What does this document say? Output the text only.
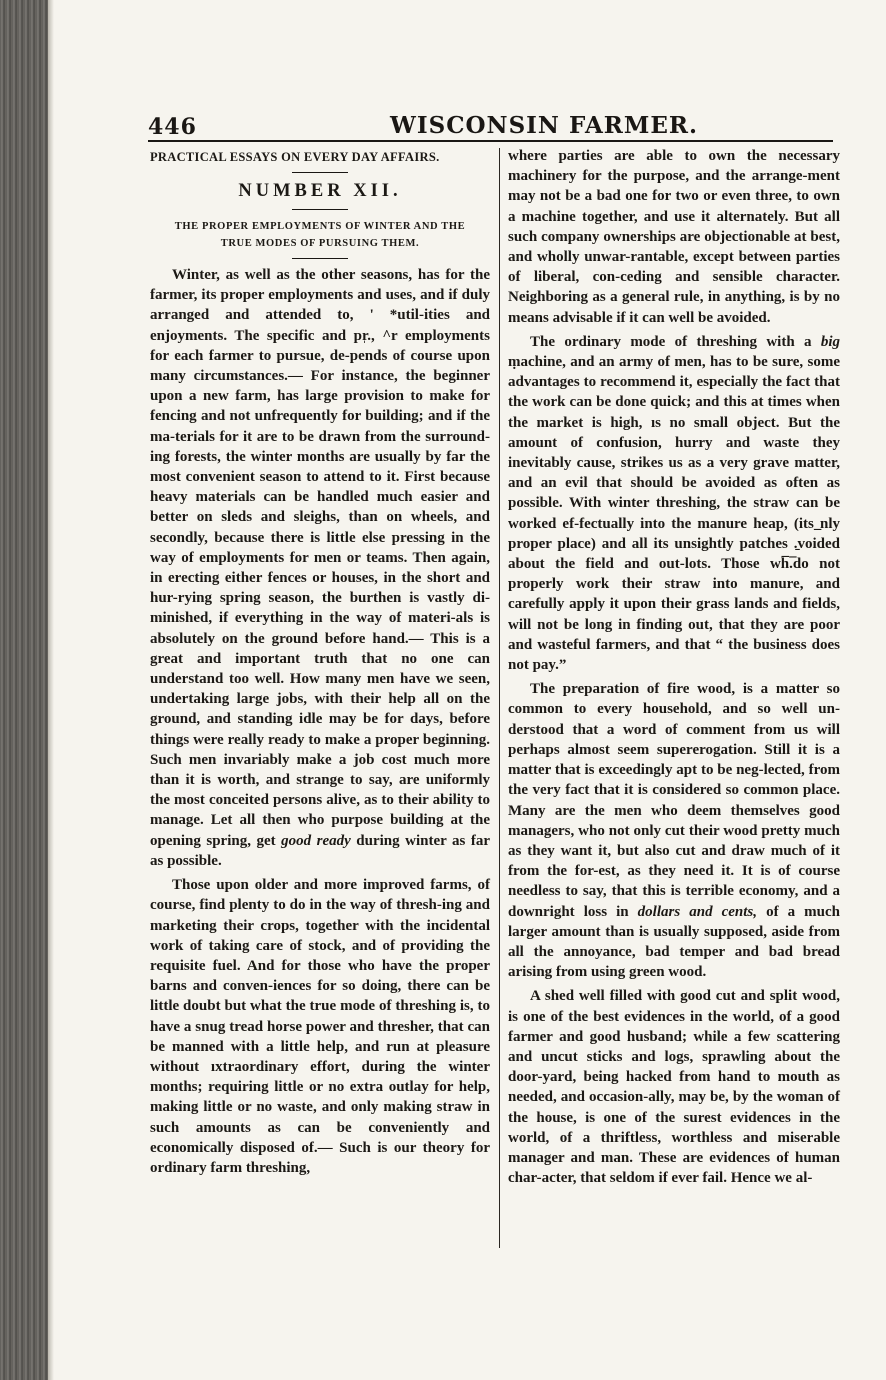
446	WISCONSIN FARMER.
PRACTICAL ESSAYS ON EVERY DAY AFFAIRS.
NUMBER XII.
THE PROPER EMPLOYMENTS OF WINTER AND THE
TRUE MODES OF PURSUING THEM.

Winter, as well as the other seasons, has for the farmer, its proper employments and uses, and if duly arranged and attended to, ' *util-ities and enjoyments. The specific and pr̩., ^r employments for each farmer to pursue, de-pends of course upon many circumstances.— For instance, the beginner upon a new farm, has large provision to make for fencing and not unfrequently for building; and if the ma-terials for it are to be drawn from the surround-ing forests, the winter months are usually by far the most convenient season to attend to it. First because heavy materials can be handled much easier and better on sleds and sleighs, than on wheels, and secondly, because there is little else pressing in the way of employments for men or teams. Then again, in erecting either fences or houses, in the short and hur-rying spring season, the burthen is vastly di-minished, if everything in the way of materi-als is absolutely on the ground before hand.— This is a great and important truth that no one can understand too well. How many men have we seen, undertaking large jobs, with their help all on the ground, and standing idle may be for days, before things were really ready to make a proper beginning. Such men invariably make a job cost much more than it is worth, and strange to say, are uniformly the most conceited persons alive, as to their ability to manage. Let all then who purpose building at the opening spring, get good ready during winter as far as possible.

Those upon older and more improved farms, of course, find plenty to do in the way of thresh-ing and marketing their crops, together with the incidental work of taking care of stock, and of providing the requisite fuel. And for those who have the proper barns and conven-iences for so doing, there can be little doubt but what the true mode of threshing is, to have a snug tread horse power and thresher, that can be manned with a little help, and run at pleasure without ıxtraordinary effort, during the winter months; requiring little or no extra outlay for help, making little or no waste, and only making straw in such amounts as can be conveniently and economically disposed of.— Such is our theory for ordinary farm threshing,

where parties are able to own the necessary machinery for the purpose, and the arrange-ment may not be a bad one for two or even three, to own a machine together, and use it alternately. But all such company ownerships are objectionable at best, and wholly unwar-rantable, except between parties of liberal, con-ceding and sensible character. Neighboring as a general rule, in anything, is by no means advisable if it can well be avoided.

The ordinary mode of threshing with a big ṃachine, and an army of men, has to be sure, some advantages to recommend it, especially the fact that the work can be done quick; and this at times when the market is high, ıs no small object. But the amount of confusion, hurry and waste they inevitably cause, strikes us as a very grave matter, and an evil that should be avoided as often as possible. With winter threshing, the straw can be worked ef-fectually into the manure heap, (its ̲nly proper place) and all its unsightly patches .̱voided about the field and out-lots. Those wh̅.̅do not properly work their straw into manure, and carefully apply it upon their grass lands and fields, will not be long in finding out, that they are poor and wasteful farmers, and that “ the business does not pay.”

The preparation of fire wood, is a matter so common to every household, and so well un-derstood that a word of comment from us will perhaps almost seem supererogation. Still it is a matter that is exceedingly apt to be neg-lected, from the very fact that it is considered so common place. Many are the men who deem themselves good managers, who not only cut their wood pretty much as they want it, but also cut and draw much of it from the for-est, as they need it. It is of course needless to say, that this is terrible economy, and a downright loss in dollars and cents, of a much larger amount than is usually supposed, aside from all the annoyance, bad temper and bad bread arising from using green wood.

A shed well filled with good cut and split wood, is one of the best evidences in the world, of a good farmer and good husband; while a few scattering and uncut sticks and logs, sprawling about the door-yard, being hacked from hand to mouth as needed, and occasion-ally, may be, by the woman of the house, is one of the surest evidences in the world, of a thriftless, worthless and miserable manager and man. These are evidences of human char-acter, that seldom if ever fail. Hence we al-
